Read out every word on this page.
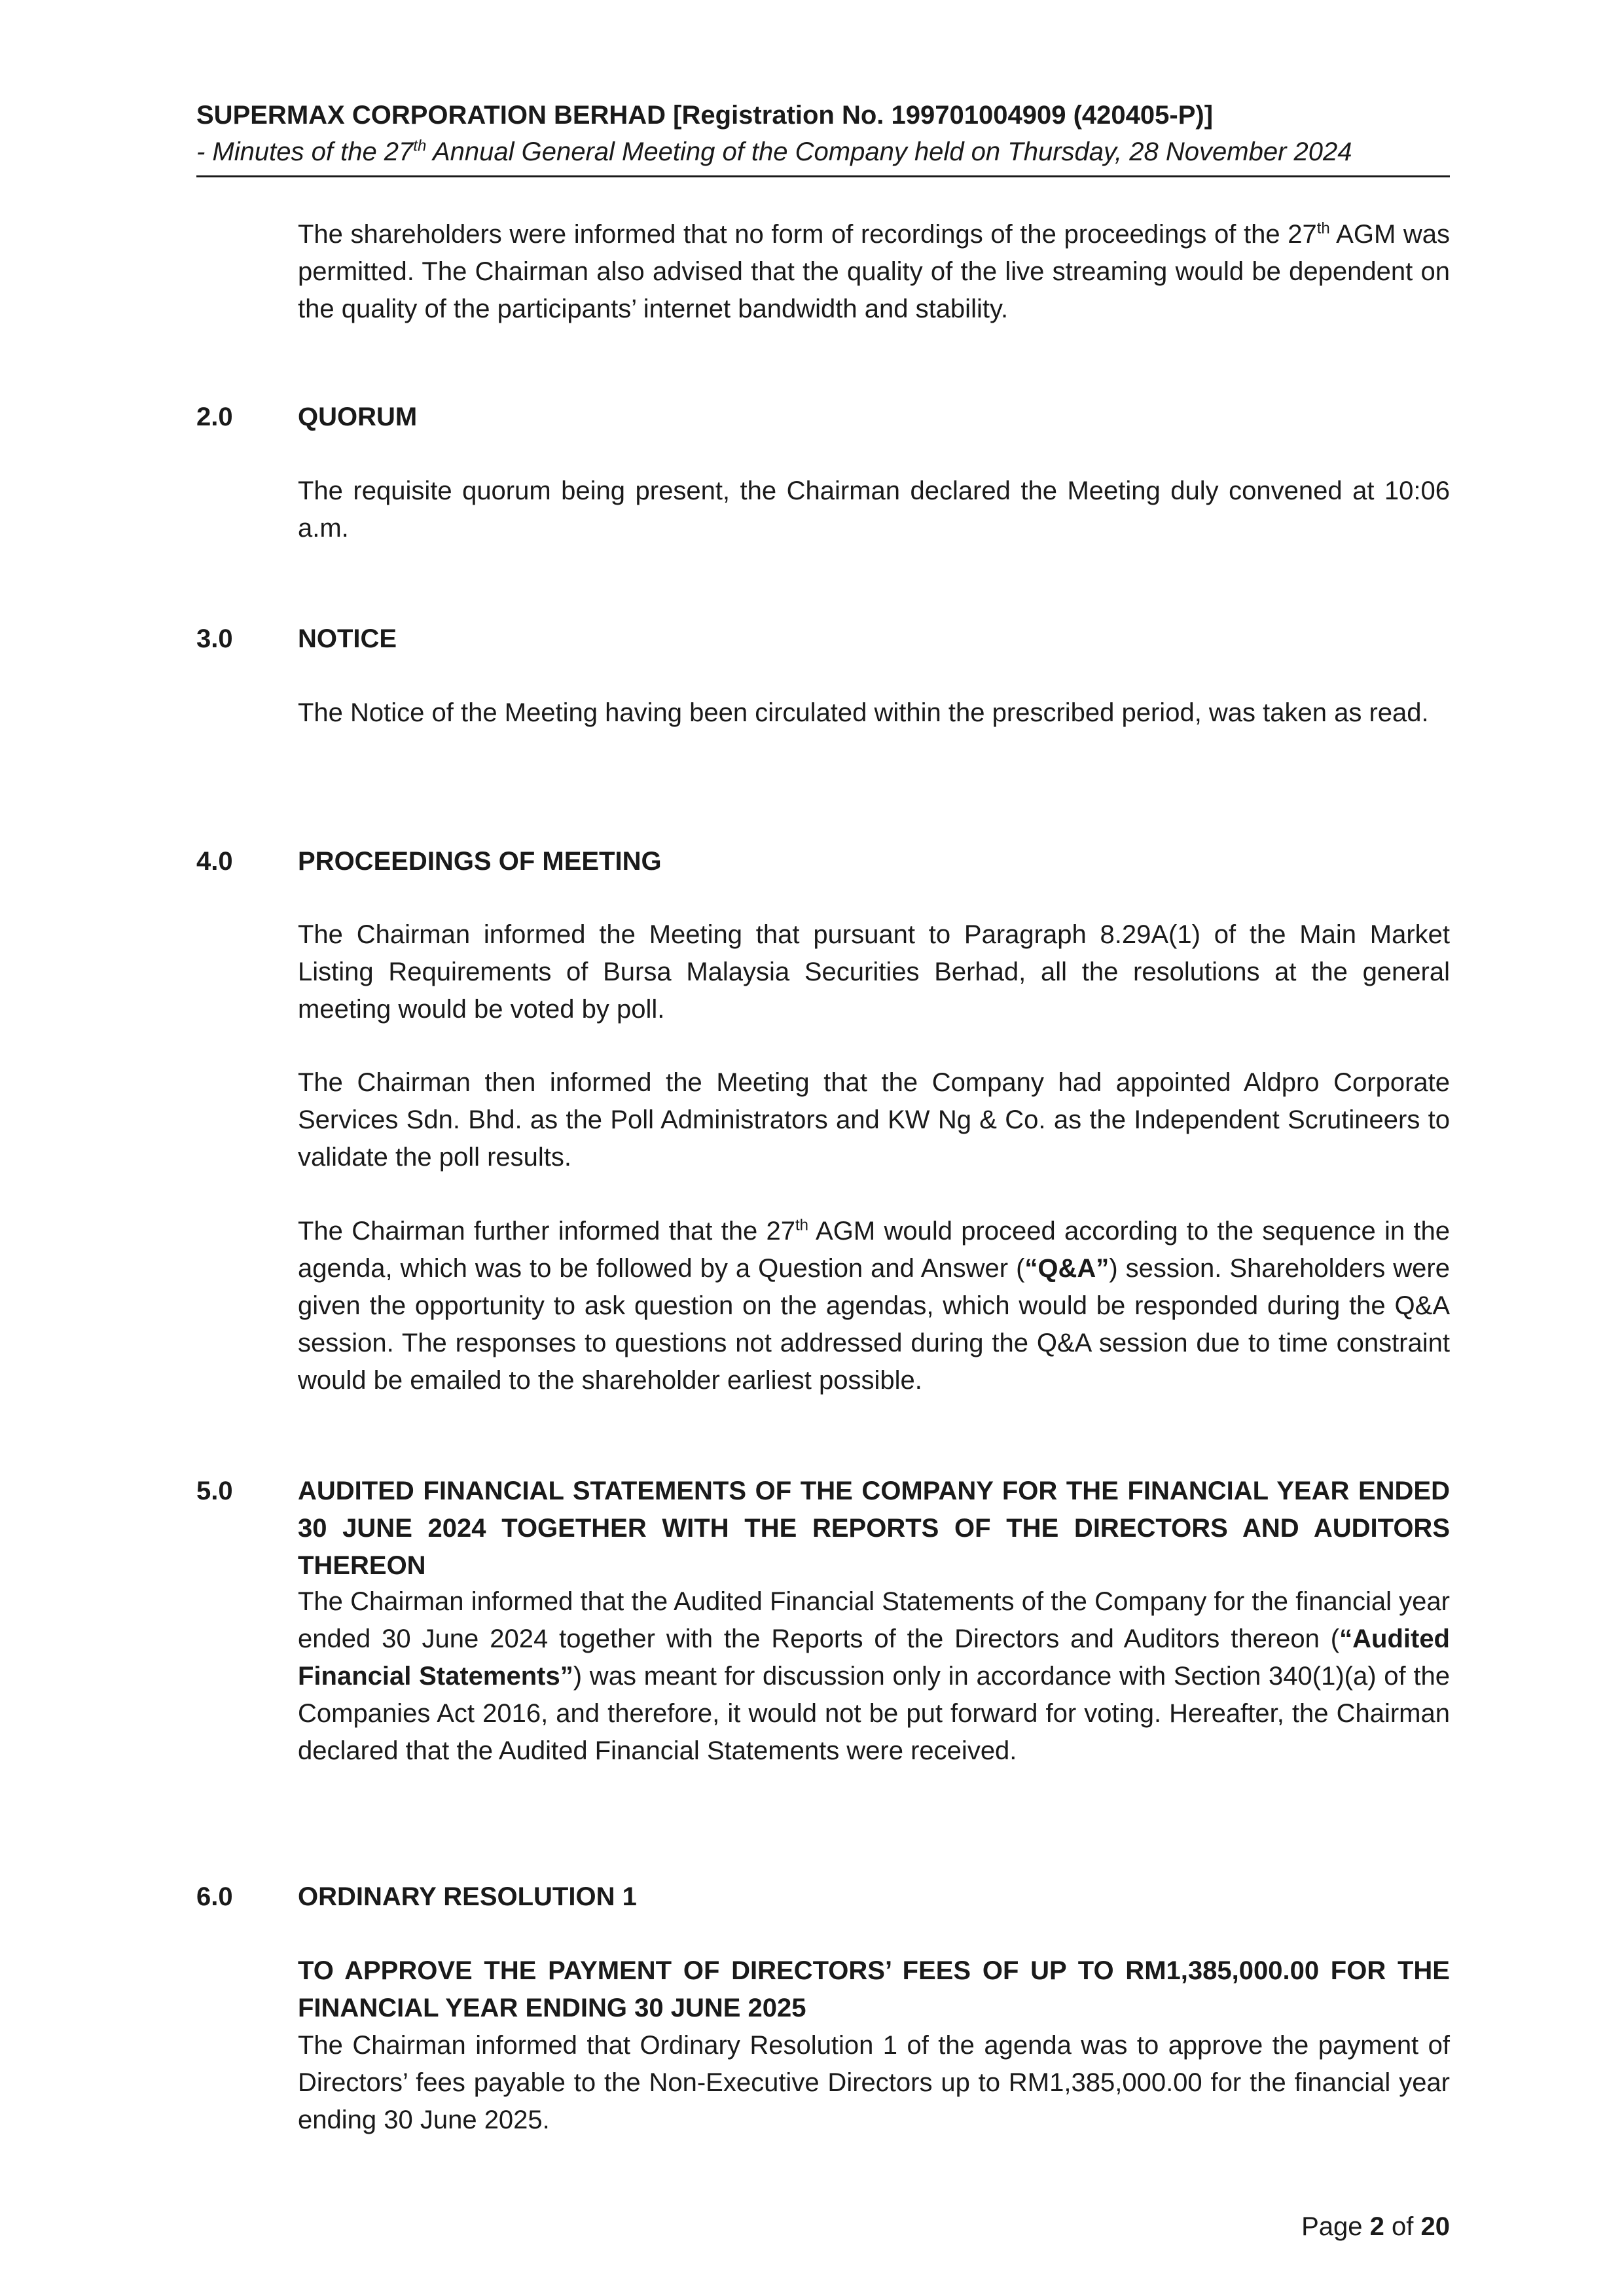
SUPERMAX CORPORATION BERHAD [Registration No. 199701004909 (420405-P)]
- Minutes of the 27th Annual General Meeting of the Company held on Thursday, 28 November 2024
The shareholders were informed that no form of recordings of the proceedings of the 27th AGM was permitted. The Chairman also advised that the quality of the live streaming would be dependent on the quality of the participants’ internet bandwidth and stability.
2.0 QUORUM
The requisite quorum being present, the Chairman declared the Meeting duly convened at 10:06 a.m.
3.0 NOTICE
The Notice of the Meeting having been circulated within the prescribed period, was taken as read.
4.0 PROCEEDINGS OF MEETING
The Chairman informed the Meeting that pursuant to Paragraph 8.29A(1) of the Main Market Listing Requirements of Bursa Malaysia Securities Berhad, all the resolutions at the general meeting would be voted by poll.
The Chairman then informed the Meeting that the Company had appointed Aldpro Corporate Services Sdn. Bhd. as the Poll Administrators and KW Ng & Co. as the Independent Scrutineers to validate the poll results.
The Chairman further informed that the 27th AGM would proceed according to the sequence in the agenda, which was to be followed by a Question and Answer (“Q&A”) session. Shareholders were given the opportunity to ask question on the agendas, which would be responded during the Q&A session. The responses to questions not addressed during the Q&A session due to time constraint would be emailed to the shareholder earliest possible.
5.0 AUDITED FINANCIAL STATEMENTS OF THE COMPANY FOR THE FINANCIAL YEAR ENDED 30 JUNE 2024 TOGETHER WITH THE REPORTS OF THE DIRECTORS AND AUDITORS THEREON
The Chairman informed that the Audited Financial Statements of the Company for the financial year ended 30 June 2024 together with the Reports of the Directors and Auditors thereon (“Audited Financial Statements”) was meant for discussion only in accordance with Section 340(1)(a) of the Companies Act 2016, and therefore, it would not be put forward for voting. Hereafter, the Chairman declared that the Audited Financial Statements were received.
6.0 ORDINARY RESOLUTION 1
TO APPROVE THE PAYMENT OF DIRECTORS’ FEES OF UP TO RM1,385,000.00 FOR THE FINANCIAL YEAR ENDING 30 JUNE 2025
The Chairman informed that Ordinary Resolution 1 of the agenda was to approve the payment of Directors’ fees payable to the Non-Executive Directors up to RM1,385,000.00 for the financial year ending 30 June 2025.
Page 2 of 20
